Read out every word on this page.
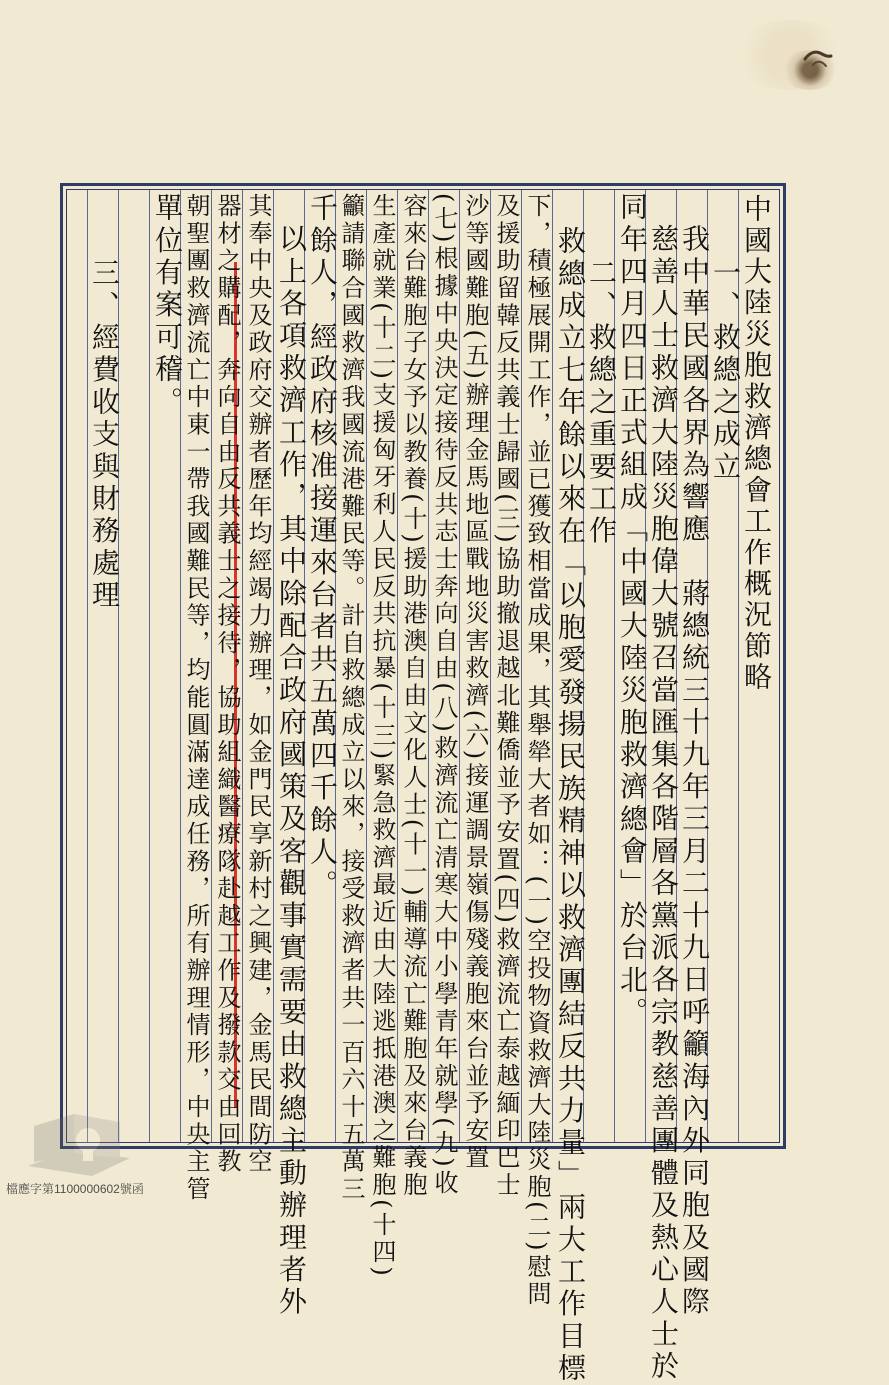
中國大陸災胞救濟總會工作概況節略
一、救總之成立
我中華民國各界為響應　蔣總統三十九年三月二十九日呼籲海內外同胞及國際
慈善人士救濟大陸災胞偉大號召當匯集各階層各黨派各宗教慈善團體及熱心人士於
同年四月四日正式組成「中國大陸災胞救濟總會」於台北。
二、救總之重要工作
救總成立七年餘以來在「以胞愛發揚民族精神以救濟團結反共力量」兩大工作目標
下，積極展開工作，並已獲致相當成果，其舉犖大者如：(一)空投物資救濟大陸災胞(二)慰問
及援助留韓反共義士歸國(三)協助撤退越北難僑並予安置(四)救濟流亡泰越緬印巴士
沙等國難胞(五)辦理金馬地區戰地災害救濟(六)接運調景嶺傷殘義胞來台並予安置
(七)根據中央決定接待反共志士奔向自由(八)救濟流亡清寒大中小學青年就學(九)收
容來台難胞子女予以教養(十)援助港澳自由文化人士(十一)輔導流亡難胞及來台義胞
生產就業(十二)支援匈牙利人民反共抗暴(十三)緊急救濟最近由大陸逃抵港澳之難胞(十四)
籲請聯合國救濟我國流港難民等。計自救總成立以來，接受救濟者共一百六十五萬三
千餘人，經政府核准接運來台者共五萬四千餘人。
以上各項救濟工作，其中除配合政府國策及客觀事實需要由救總主動辦理者外
其奉中央及政府交辦者歷年均經竭力辦理，如金門民享新村之興建，金馬民間防空
器材之購配，奔向自由反共義士之接待，協助組織醫療隊赴越工作及撥款交由回教
朝聖團救濟流亡中東一帶我國難民等，均能圓滿達成任務，所有辦理情形，中央主管
單位有案可稽。
三、經費收支與財務處理
檔應字第1100000602號函
